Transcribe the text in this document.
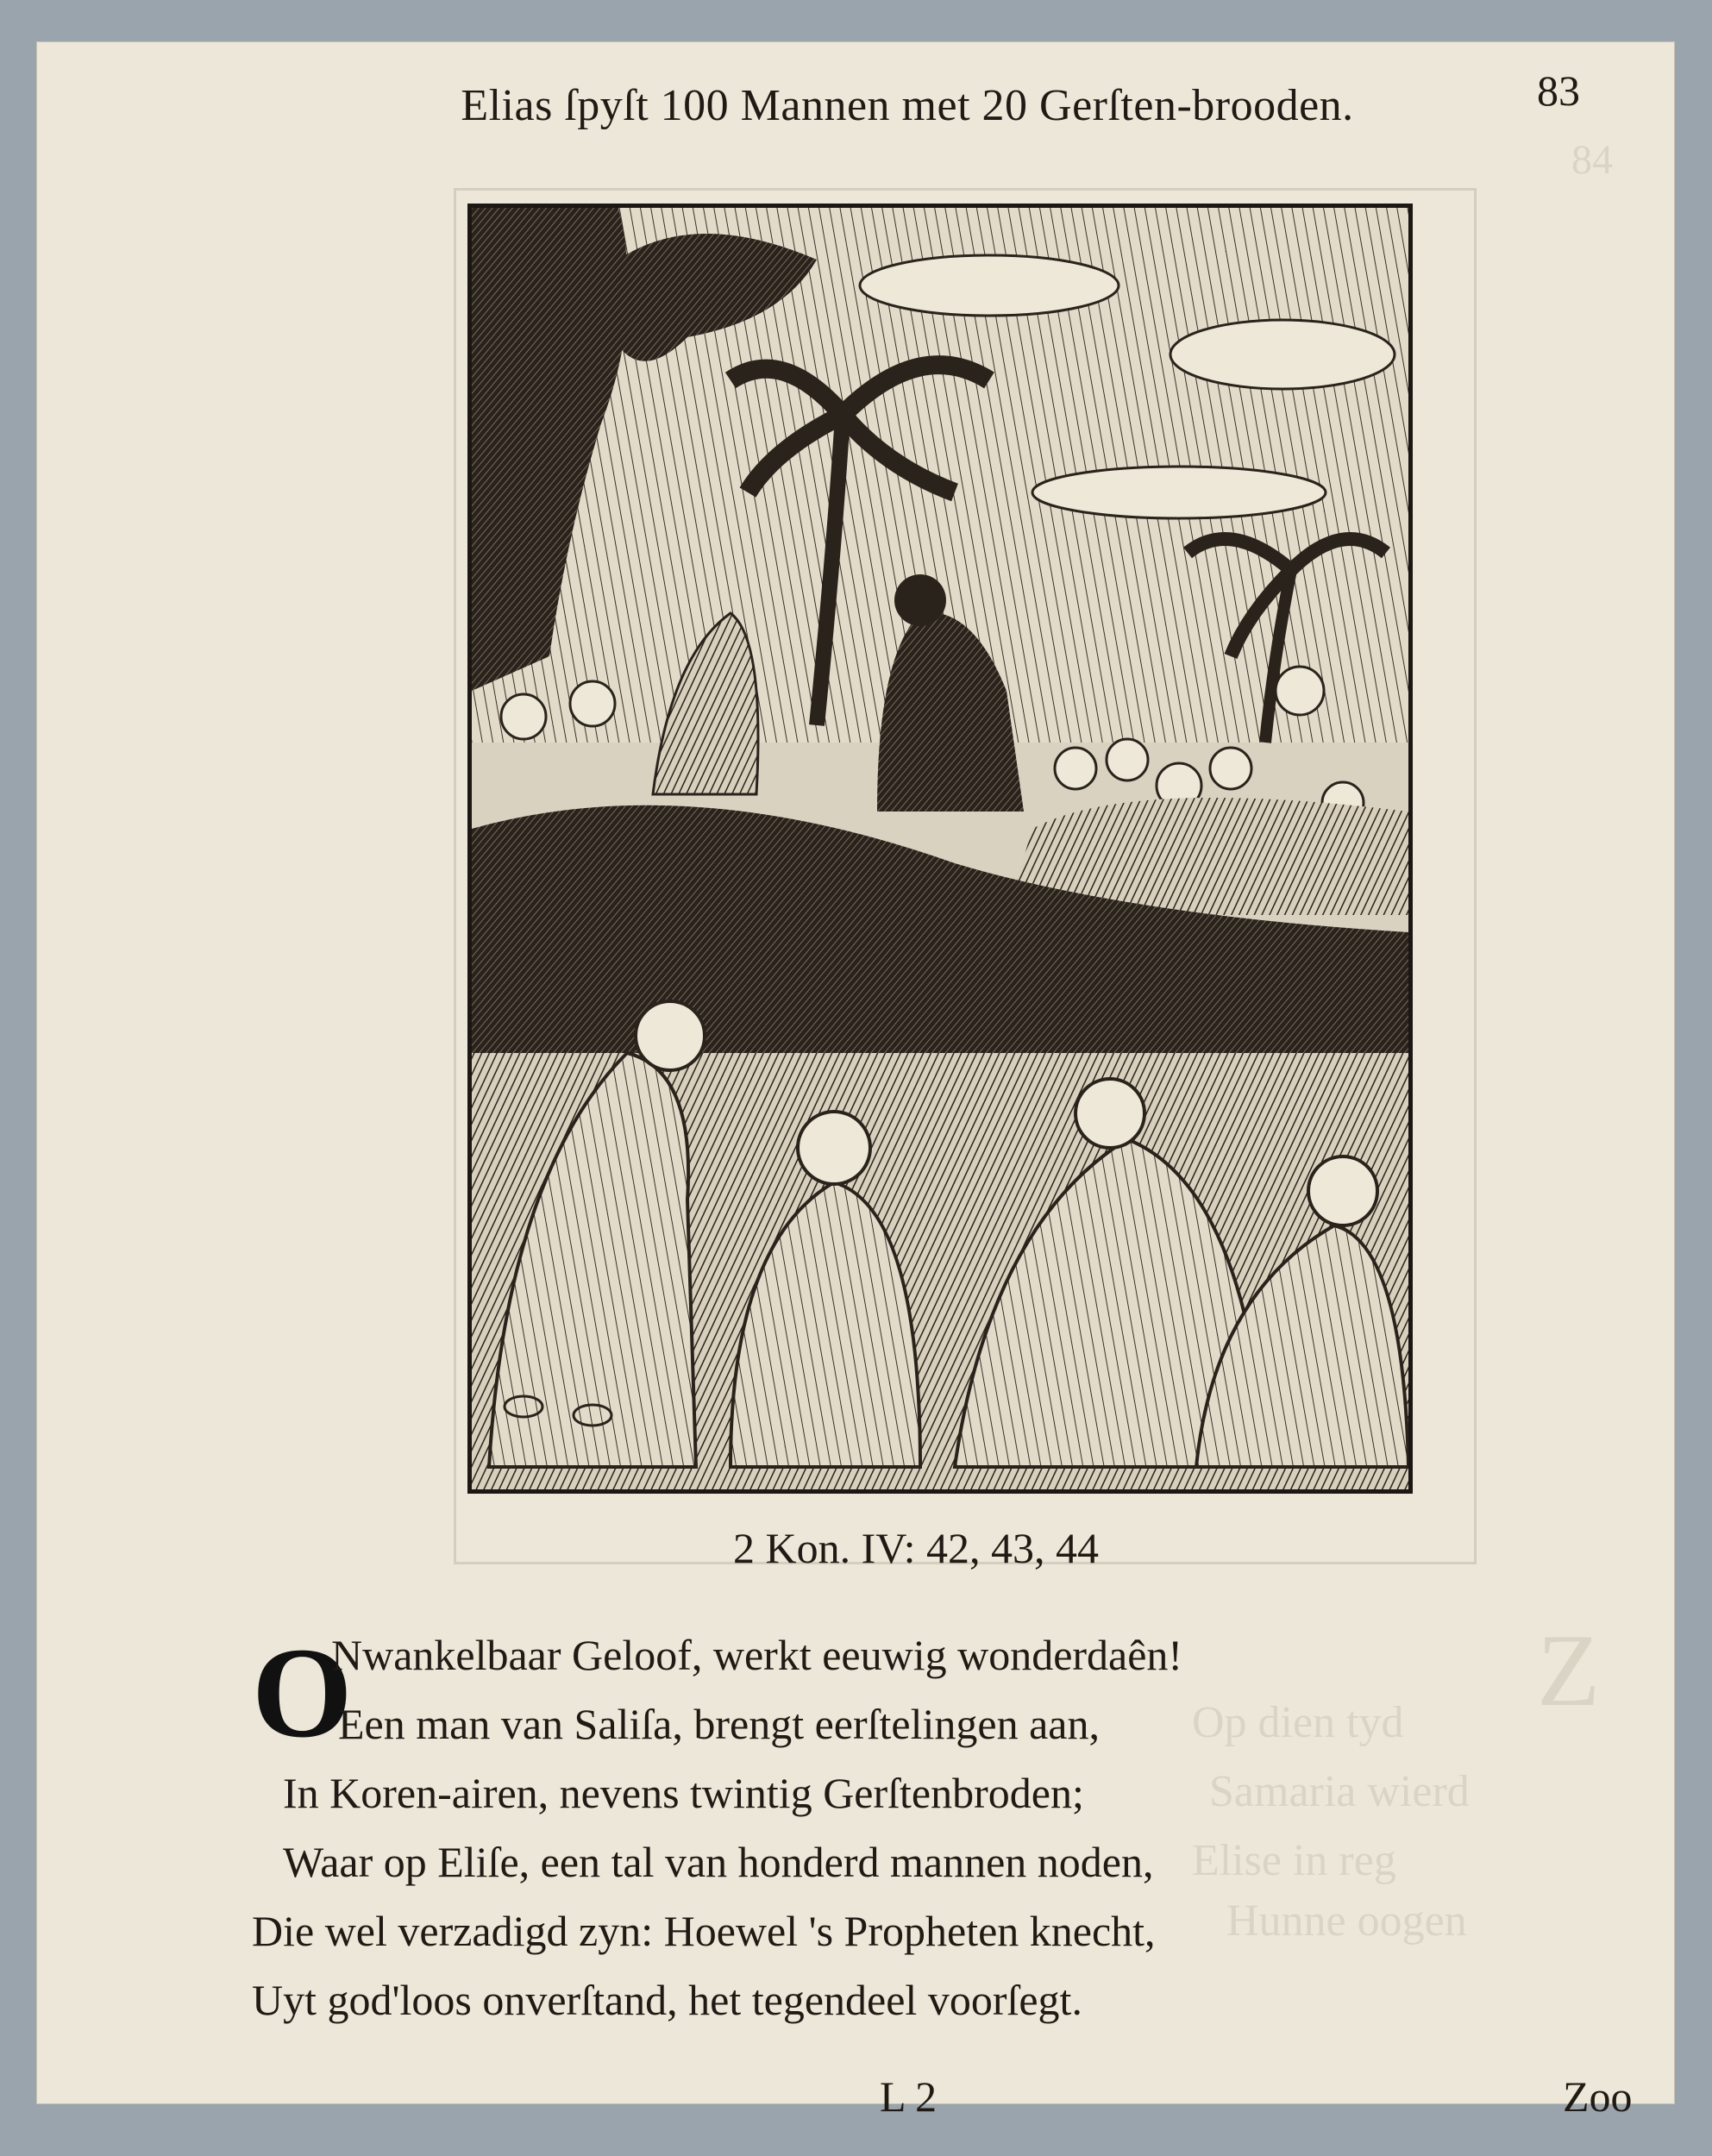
Z
84
Op dien tyd
Samaria wierd
Elise in reg
Hunne oogen
Elias ſpyſt 100 Mannen met 20 Gerſten-brooden.	83
2 Kon. IV: 42, 43, 44
O
Nwankelbaar Geloof, werkt eeuwig wonderdaên!
Een man van Saliſa, brengt eerſtelingen aan,
In Koren-airen, nevens twintig Gerſtenbroden;
Waar op Eliſe, een tal van honderd mannen noden,
Die wel verzadigd zyn: Hoewel 's Propheten knecht,
Uyt god'loos onverſtand, het tegendeel voorſegt.
L 2	Zoo
